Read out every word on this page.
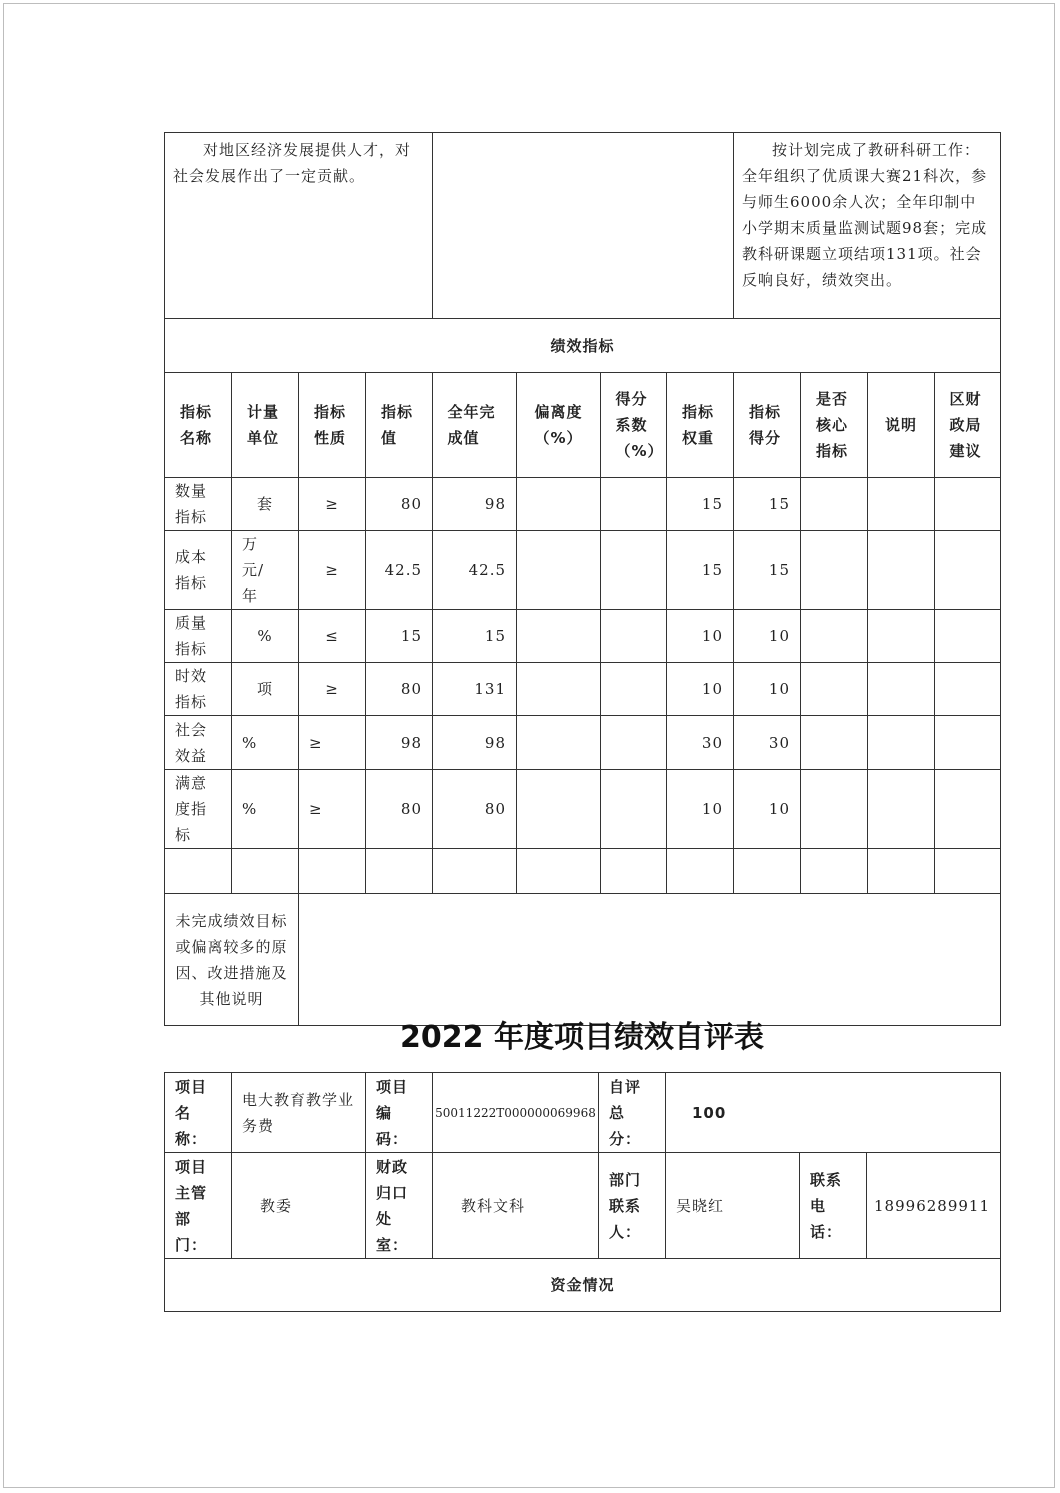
对地区经济发展提供人才，对社会发展作出了一定贡献。								按计划完成了教研科研工作：全年组织了优质课大赛21科次，参与师生6000余人次；全年印制中小学期末质量监测试题98套；完成教科研课题立项结项131项。社会反响良好，绩效突出。			
绩效指标											

指标名称	计量单位	指标性质	指标值	全年完成值	偏离度（%）	得分系数（%）	指标权重	指标得分	是否核心指标	说明	区财政局建议

数量指标	套	≥	80	98			15	15			

成本指标	万元/年	≥	42.5	42.5			15	15			

质量指标	%	≤	15	15			10	10			

时效指标	项	≥	80	131			10	10			

社会效益	%	≥	98	98			30	30			

满意度指标	%	≥	80	80			10	10			

未完成绩效目标或偏离较多的原因、改进措施及其他说明											
2022 年度项目绩效自评表
项目名称：	电大教育教学业务费	项目编码：	50011222T000000069968	自评总分：	100		

项目主管部门：	教委	财政归口处室：	教科文科	部门联系人：	吴晓红	联系电话：	18996289911
资金情况							
